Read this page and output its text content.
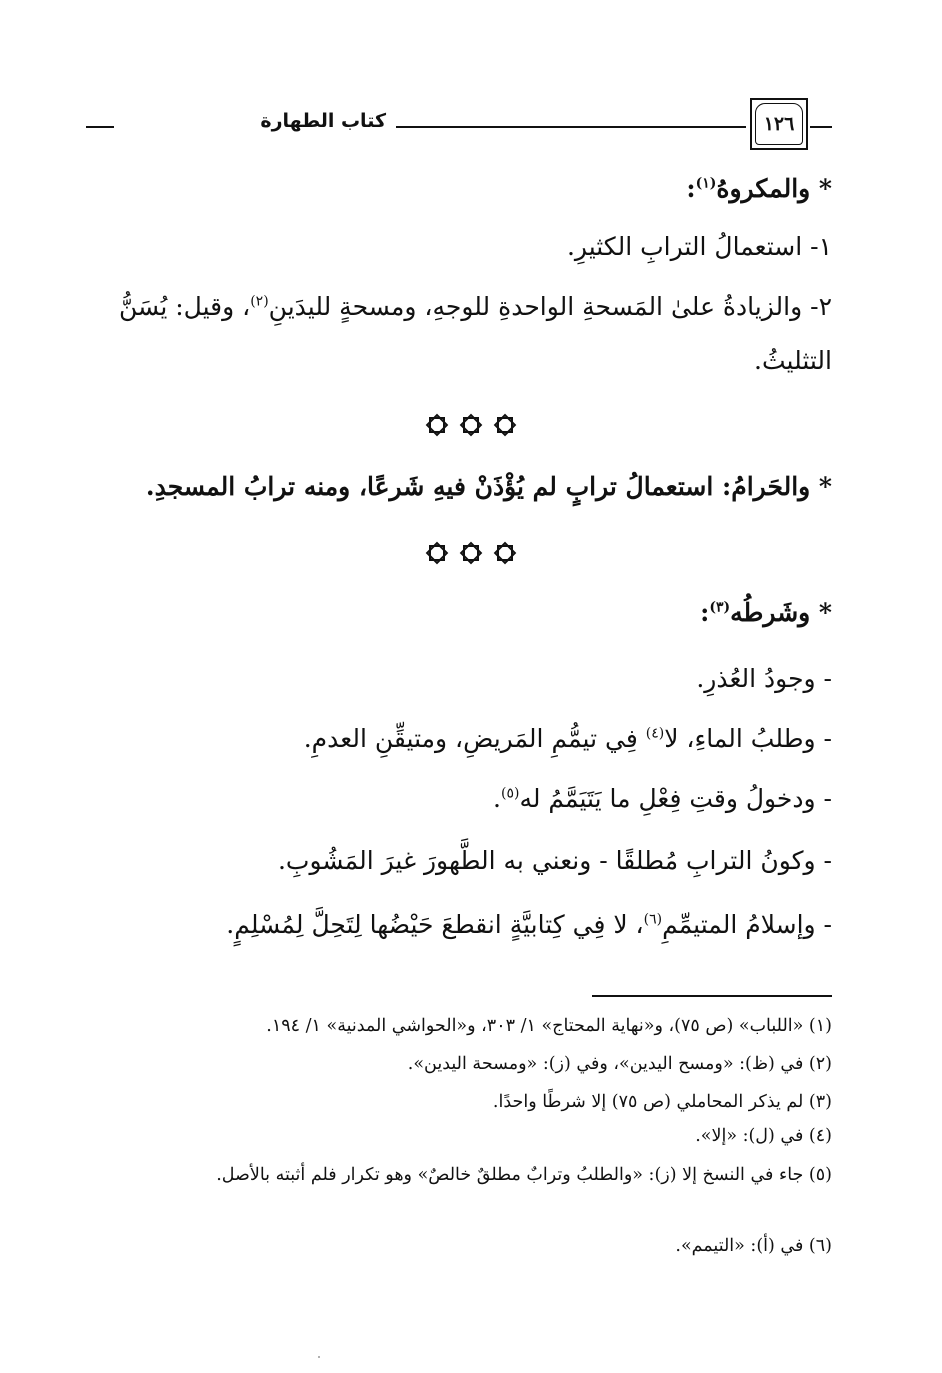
١٢٦
كتاب الطهارة
* والمكروهُ$^{(١)}$:
١- استعمالُ الترابِ الكثيرِ.
٢- والزيادةُ علىٰ المَسحةِ الواحدةِ للوجهِ، ومسحةٍ لليدَينِ$^{(٢)}$، وقيل: يُسَنُّ
التثليثُ.
* والحَرامُ: استعمالُ ترابٍ لم يُؤْذَنْ فيهِ شَرعًا، ومنه ترابُ المسجدِ.
* وشَرطُه$^{(٣)}$:
- وجودُ العُذرِ.
- وطلبُ الماءِ، لا$^{(٤)}$ فِي تيمُّمِ المَريضِ، ومتيقِّنِ العدمِ.
- ودخولُ وقتِ فِعْلِ ما يَتَيَمَّمُ له$^{(٥)}$.
- وكونُ الترابِ مُطلقًا - ونعني به الطَّهورَ غيرَ المَشُوبِ.
- وإسلامُ المتيمِّمِ$^{(٦)}$، لا فِي كِتابيَّةٍ انقطعَ حَيْضُها لِتَحِلَّ لِمُسْلِمٍ.
(١) «اللباب» (ص ٧٥)، و«نهاية المحتاج» ١/ ٣٠٣، و«الحواشي المدنية» ١/ ١٩٤.
(٢) في (ظ): «ومسح اليدين»، وفي (ز): «ومسحة اليدين».
(٣) لم يذكر المحاملي (ص ٧٥) إلا شرطًا واحدًا.
(٤) في (ل): «إلا».
(٥) جاء في النسخ إلا (ز): «والطلبُ وترابٌ مطلقٌ خالصٌ» وهو تكرار فلم أثبته بالأصل.
(٦) في (أ): «التيمم».
